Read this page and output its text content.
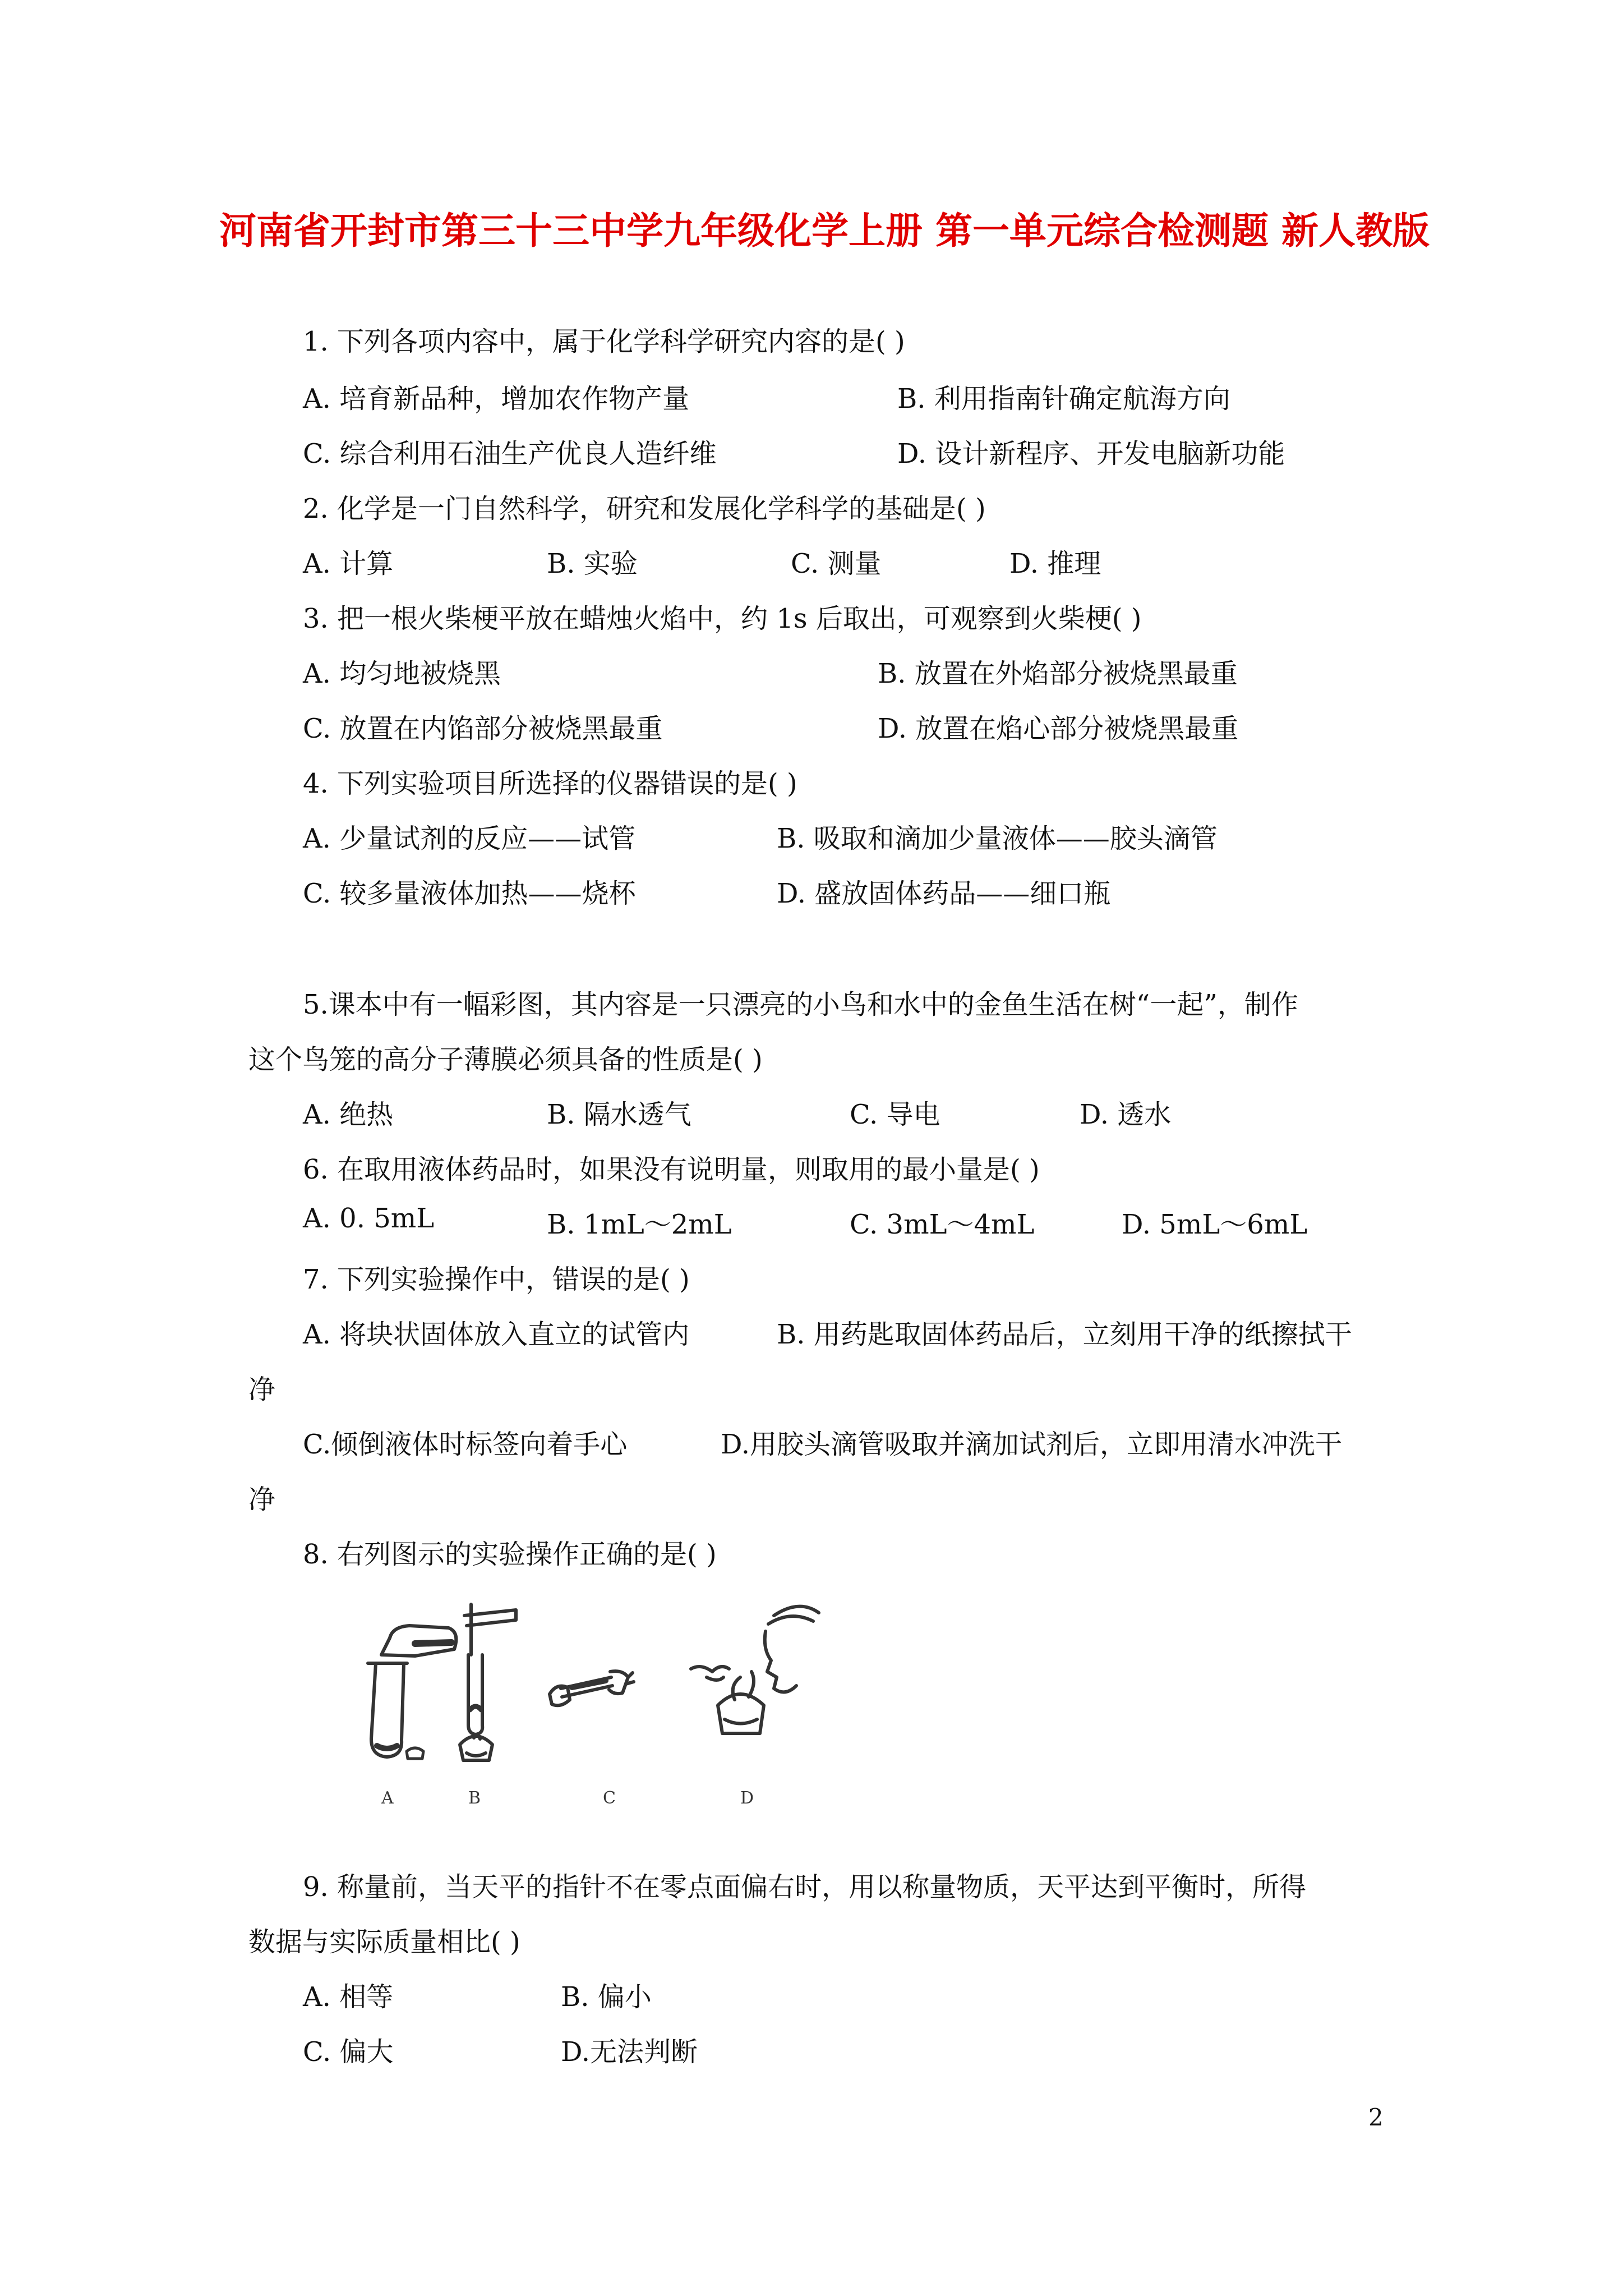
河南省开封市第三十三中学九年级化学上册 第一单元综合检测题 新人教版
1. 下列各项内容中，属于化学科学研究内容的是( )
A. 培育新品种，增加农作物产量	B. 利用指南针确定航海方向
C. 综合利用石油生产优良人造纤维	D. 设计新程序、开发电脑新功能
2. 化学是一门自然科学，研究和发展化学科学的基础是( )
A. 计算	B. 实验	C. 测量	D. 推理
3. 把一根火柴梗平放在蜡烛火焰中，约 1s 后取出，可观察到火柴梗( )
A. 均匀地被烧黑	B. 放置在外焰部分被烧黑最重
C. 放置在内馅部分被烧黑最重	D. 放置在焰心部分被烧黑最重
4. 下列实验项目所选择的仪器错误的是( )
A. 少量试剂的反应——试管	B. 吸取和滴加少量液体——胶头滴管
C. 较多量液体加热——烧杯	D. 盛放固体药品——细口瓶
5.课本中有一幅彩图，其内容是一只漂亮的小鸟和水中的金鱼生活在树“一起”，制作
这个鸟笼的高分子薄膜必须具备的性质是( )
A. 绝热	B. 隔水透气	C. 导电	D. 透水
6. 在取用液体药品时，如果没有说明量，则取用的最小量是( )
A. 0. 5mL	B. 1mL～2mL	C. 3mL～4mL	D. 5mL～6mL
7. 下列实验操作中，错误的是( )
A. 将块状固体放入直立的试管内	B. 用药匙取固体药品后，立刻用干净的纸擦拭干
净
C.倾倒液体时标签向着手心	D.用胶头滴管吸取并滴加试剂后，立即用清水冲洗干
净
8. 右列图示的实验操作正确的是( )
A	B	C	D
9. 称量前，当天平的指针不在零点面偏右时，用以称量物质，天平达到平衡时，所得
数据与实际质量相比( )
A. 相等	B. 偏小
C. 偏大	D.无法判断
2
